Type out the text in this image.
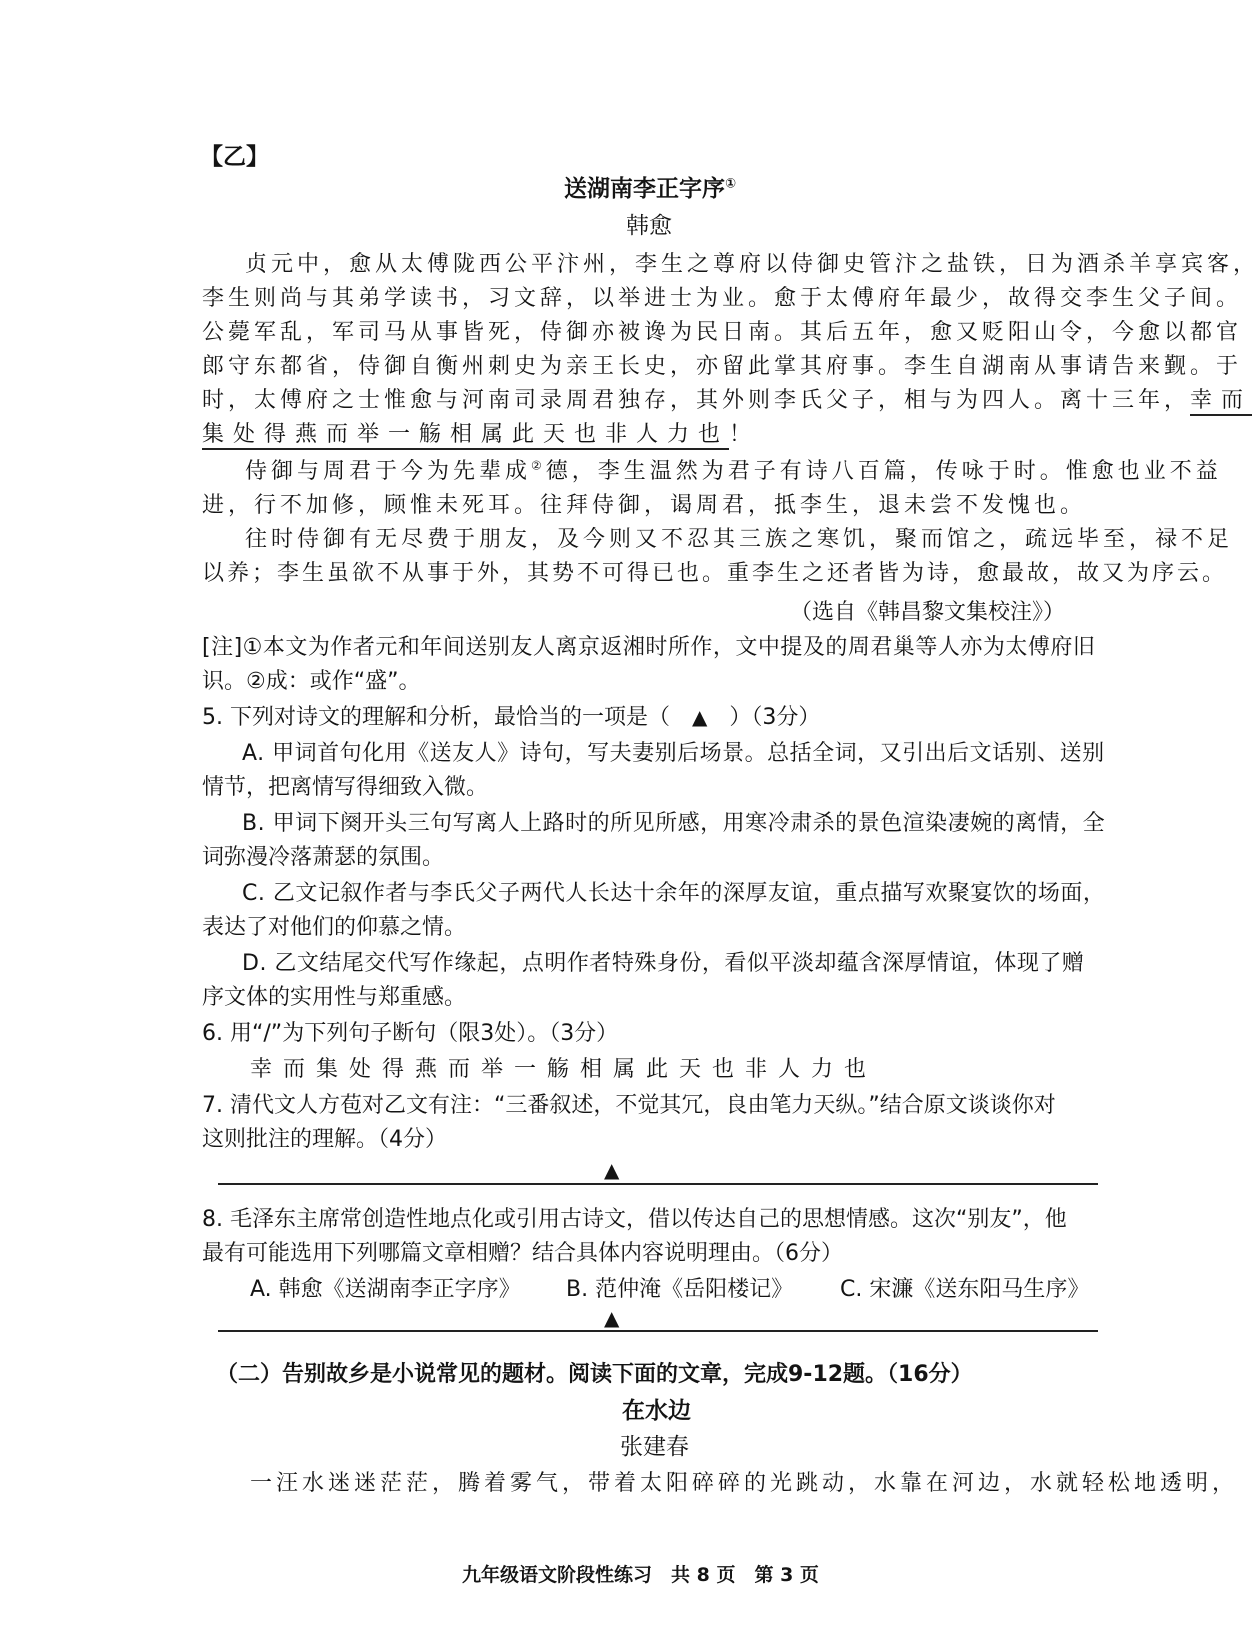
【乙】
送湖南李正字序①
韩愈
贞元中，愈从太傅陇西公平汴州，李生之尊府以侍御史管汴之盐铁，日为酒杀羊享宾客，
李生则尚与其弟学读书，习文辞，以举进士为业。愈于太傅府年最少，故得交李生父子间。
公薨军乱，军司马从事皆死，侍御亦被谗为民日南。其后五年，愈又贬阳山令，今愈以都官
郎守东都省，侍御自衡州刺史为亲王长史，亦留此掌其府事。李生自湖南从事请告来觐。于
时，太傅府之士惟愈与河南司录周君独存，其外则李氏父子，相与为四人。离十三年，幸而
集处得燕而举一觞相属此天也非人力也！
侍御与周君于今为先辈成②德，李生温然为君子有诗八百篇，传咏于时。惟愈也业不益
进，行不加修，顾惟未死耳。往拜侍御，谒周君，抵李生，退未尝不发愧也。
往时侍御有无尽费于朋友，及今则又不忍其三族之寒饥，聚而馆之，疏远毕至，禄不足
以养；李生虽欲不从事于外，其势不可得已也。重李生之还者皆为诗，愈最故，故又为序云。
（选自《韩昌黎文集校注》）
[注]①本文为作者元和年间送别友人离京返湘时所作，文中提及的周君巢等人亦为太傅府旧
识。②成：或作“盛”。
5. 下列对诗文的理解和分析，最恰当的一项是（ ▲ ）（3分）
A. 甲词首句化用《送友人》诗句，写夫妻别后场景。总括全词，又引出后文话别、送别
情节，把离情写得细致入微。
B. 甲词下阕开头三句写离人上路时的所见所感，用寒冷肃杀的景色渲染凄婉的离情，全
词弥漫冷落萧瑟的氛围。
C. 乙文记叙作者与李氏父子两代人长达十余年的深厚友谊，重点描写欢聚宴饮的场面，
表达了对他们的仰慕之情。
D. 乙文结尾交代写作缘起，点明作者特殊身份，看似平淡却蕴含深厚情谊，体现了赠
序文体的实用性与郑重感。
6. 用“/”为下列句子断句（限3处）。（3分）
幸而集处得燕而举一觞相属此天也非人力也
7. 清代文人方苞对乙文有注：“三番叙述，不觉其冗，良由笔力天纵。”结合原文谈谈你对
这则批注的理解。（4分）
▲
8. 毛泽东主席常创造性地点化或引用古诗文，借以传达自己的思想情感。这次“别友”，他
最有可能选用下列哪篇文章相赠？结合具体内容说明理由。（6分）
A. 韩愈《送湖南李正字序》 B. 范仲淹《岳阳楼记》 C. 宋濂《送东阳马生序》
▲
（二）告别故乡是小说常见的题材。阅读下面的文章，完成9-12题。（16分）
在水边
张建春
一汪水迷迷茫茫，腾着雾气，带着太阳碎碎的光跳动，水靠在河边，水就轻松地透明，
九年级语文阶段性练习　共 8 页　第 3 页
